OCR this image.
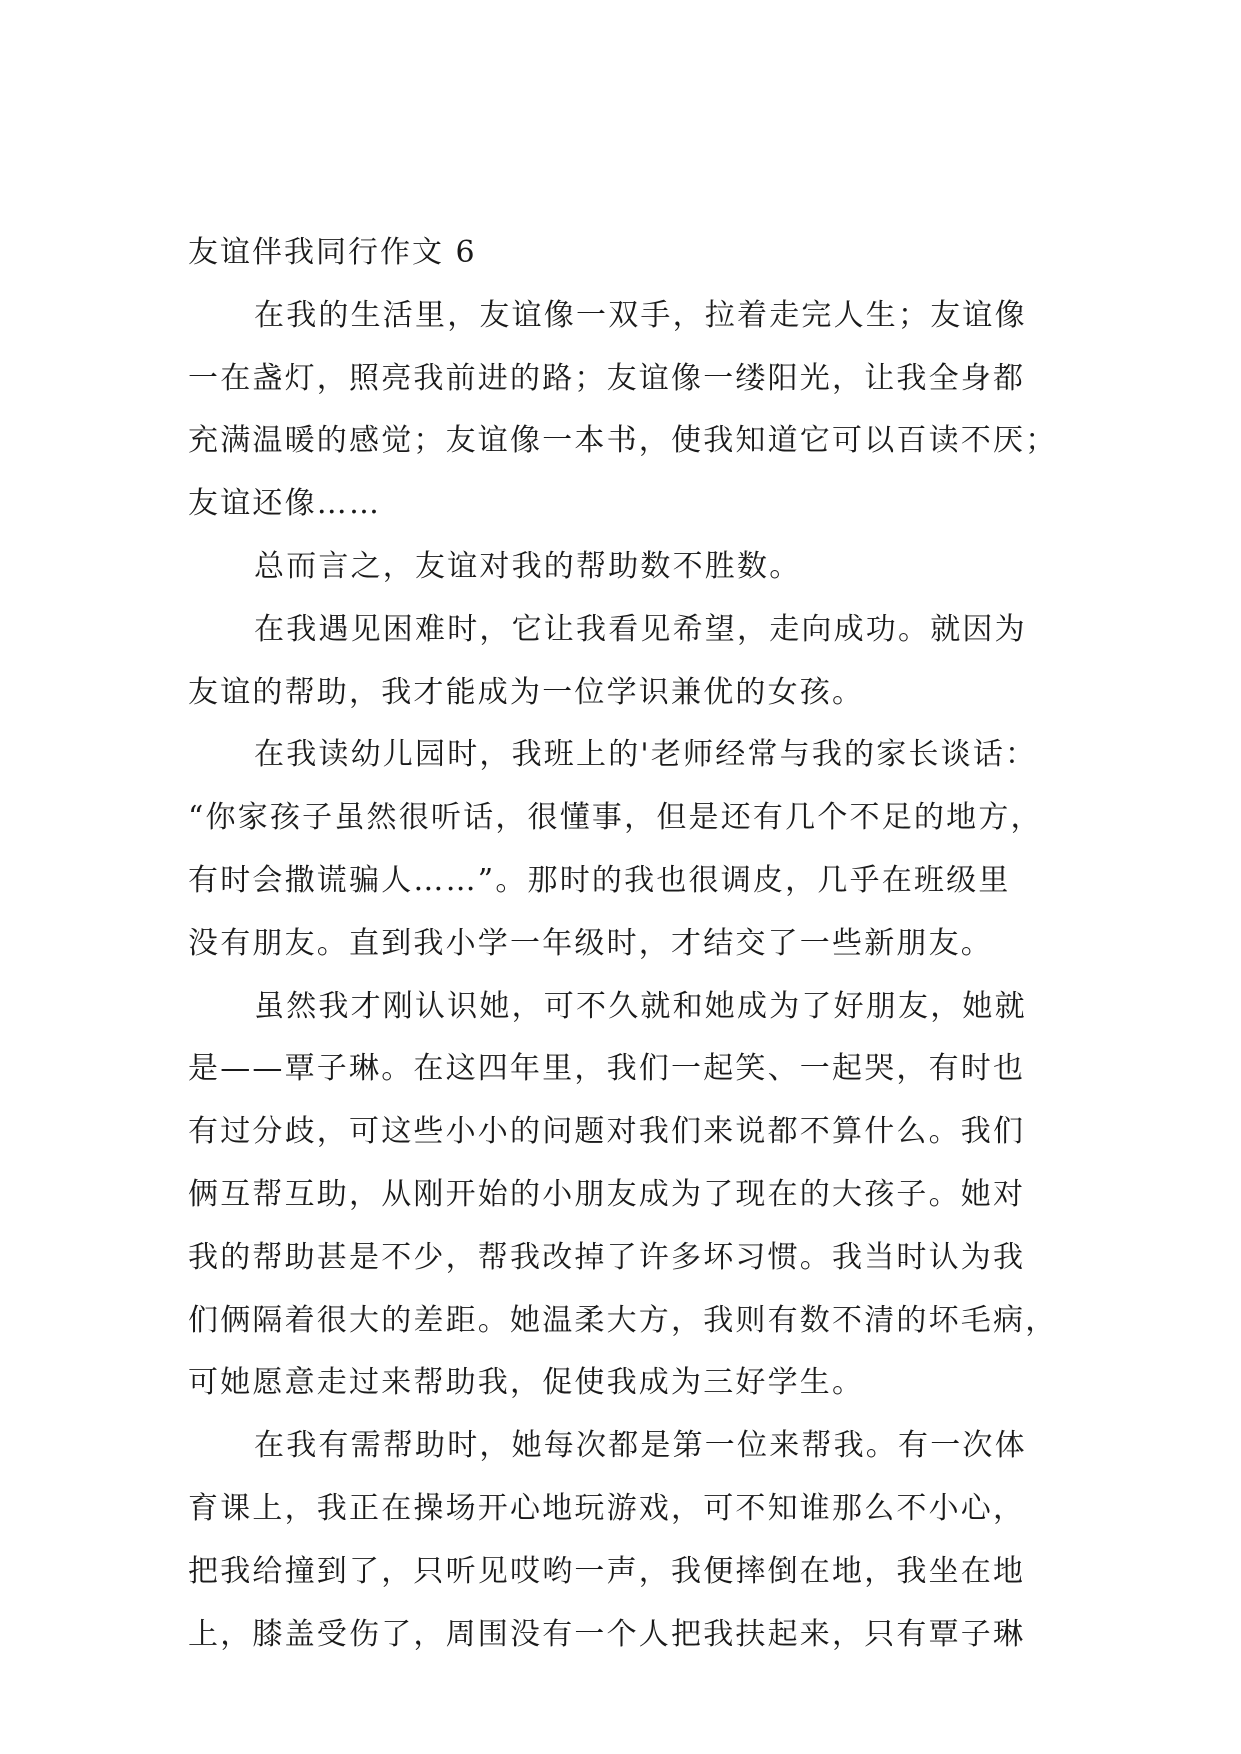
友谊伴我同行作文 6
在我的生活里，友谊像一双手，拉着走完人生；友谊像
一在盏灯，照亮我前进的路；友谊像一缕阳光，让我全身都
充满温暖的感觉；友谊像一本书，使我知道它可以百读不厌；
友谊还像……
总而言之，友谊对我的帮助数不胜数。
在我遇见困难时，它让我看见希望，走向成功。就因为
友谊的帮助，我才能成为一位学识兼优的女孩。
在我读幼儿园时，我班上的'老师经常与我的家长谈话：
“你家孩子虽然很听话，很懂事，但是还有几个不足的地方，
有时会撒谎骗人……”。那时的我也很调皮，几乎在班级里
没有朋友。直到我小学一年级时，才结交了一些新朋友。
虽然我才刚认识她，可不久就和她成为了好朋友，她就
是——覃子琳。在这四年里，我们一起笑、一起哭，有时也
有过分歧，可这些小小的问题对我们来说都不算什么。我们
俩互帮互助，从刚开始的小朋友成为了现在的大孩子。她对
我的帮助甚是不少，帮我改掉了许多坏习惯。我当时认为我
们俩隔着很大的差距。她温柔大方，我则有数不清的坏毛病，
可她愿意走过来帮助我，促使我成为三好学生。
在我有需帮助时，她每次都是第一位来帮我。有一次体
育课上，我正在操场开心地玩游戏，可不知谁那么不小心，
把我给撞到了，只听见哎哟一声，我便摔倒在地，我坐在地
上，膝盖受伤了，周围没有一个人把我扶起来，只有覃子琳
